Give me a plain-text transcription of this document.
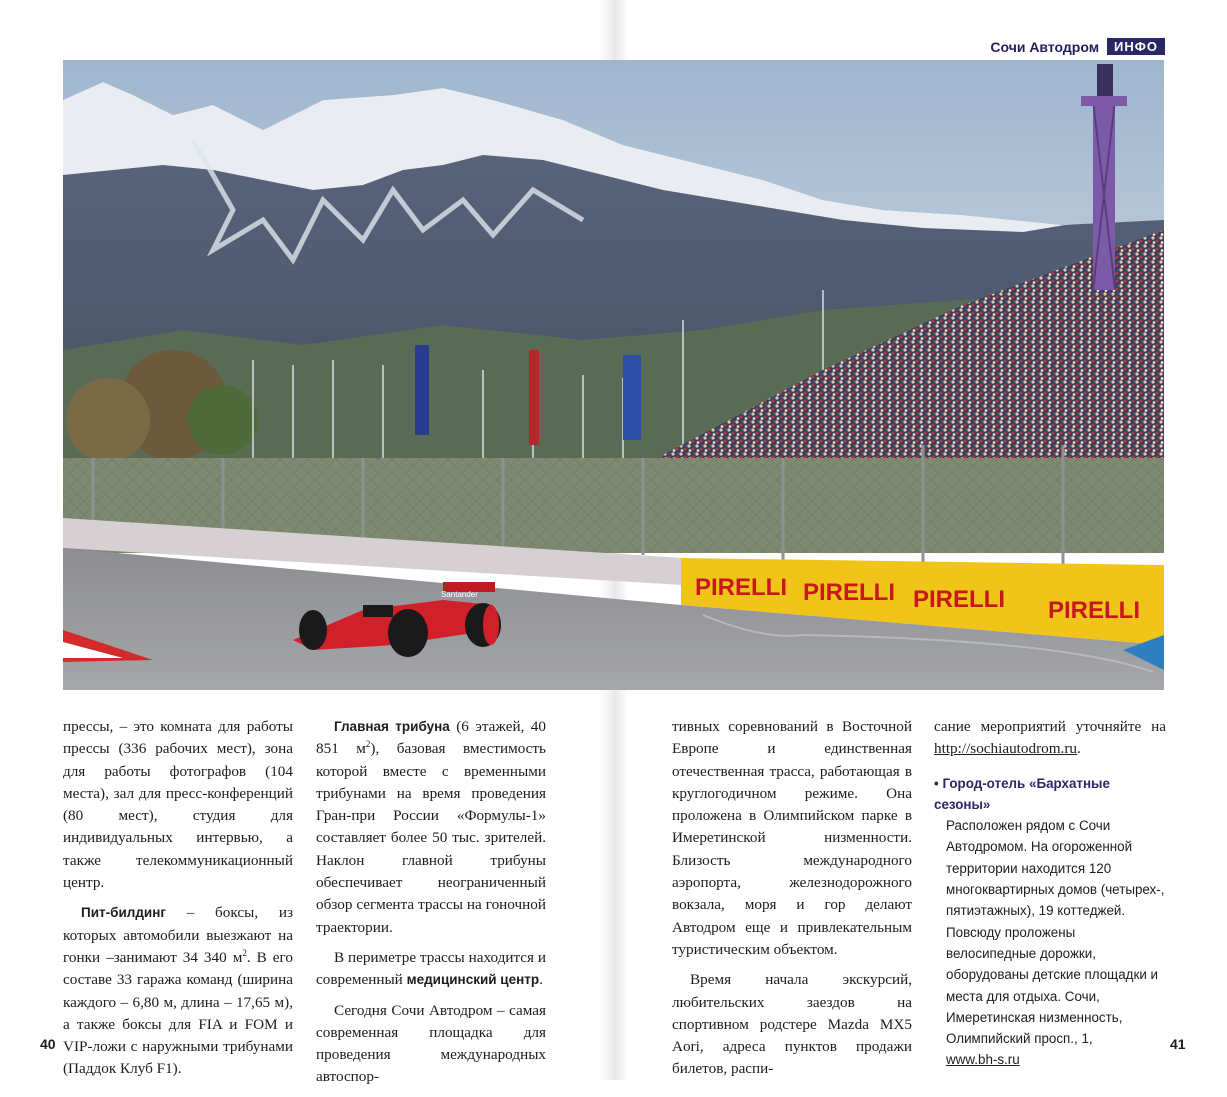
Сочи Автодром	ИНФО
PIRELLI PIRELLI PIRELLI PIRELLI
Santander

прессы, – это комната для работы прессы (336 рабочих мест), зона для работы фотографов (104 места), зал для пресс-конференций (80 мест), студия для индивидуальных интервью, а также телекоммуникационный центр.

Пит-билдинг – боксы, из которых автомобили выезжают на гонки –занимают 34 340 $м^2$. В его составе 33 гаража команд (ширина каждого – 6,80 м, длина – 17,65 м), а также боксы для FIA и FOM и VIP-ложи с наружными трибунами (Паддок Клуб F1).

Главная трибуна (6 этажей, 40 851 $м^2$), базовая вместимость которой вместе с временными трибунами на время проведения Гран-при России «Формулы-1» составляет более 50 тыс. зрителей. Наклон главной трибуны обеспечивает неограниченный обзор сегмента трассы на гоночной траектории.

В периметре трассы находится и современный медицинский центр.

Сегодня Сочи Автодром – самая современная площадка для проведения международных автоспор-

тивных соревнований в Восточной Европе и единственная отечественная трасса, работающая в круглогодичном режиме. Она проложена в Олимпийском парке в Имеретинской низменности. Близость международного аэропорта, железнодорожного вокзала, моря и гор делают Автодром еще и привлекательным туристическим объектом.

Время начала экскурсий, любительских заездов на спортивном родстере Mazda MX5 Aori, адреса пунктов продажи билетов, распи-

сание мероприятий уточняйте на http://sochiautodrom.ru.

• Город-отель «Бархатные сезоны»
Расположен рядом с Сочи Автодромом. На огороженной территории находится 120 многоквартирных домов (четырех-, пятиэтажных), 19 коттеджей. Повсюду проложены велосипедные дорожки, оборудованы детские площадки и места для отдыха. Сочи, Имеретинская низменность, Олимпийский просп., 1,
www.bh-s.ru
40	41
